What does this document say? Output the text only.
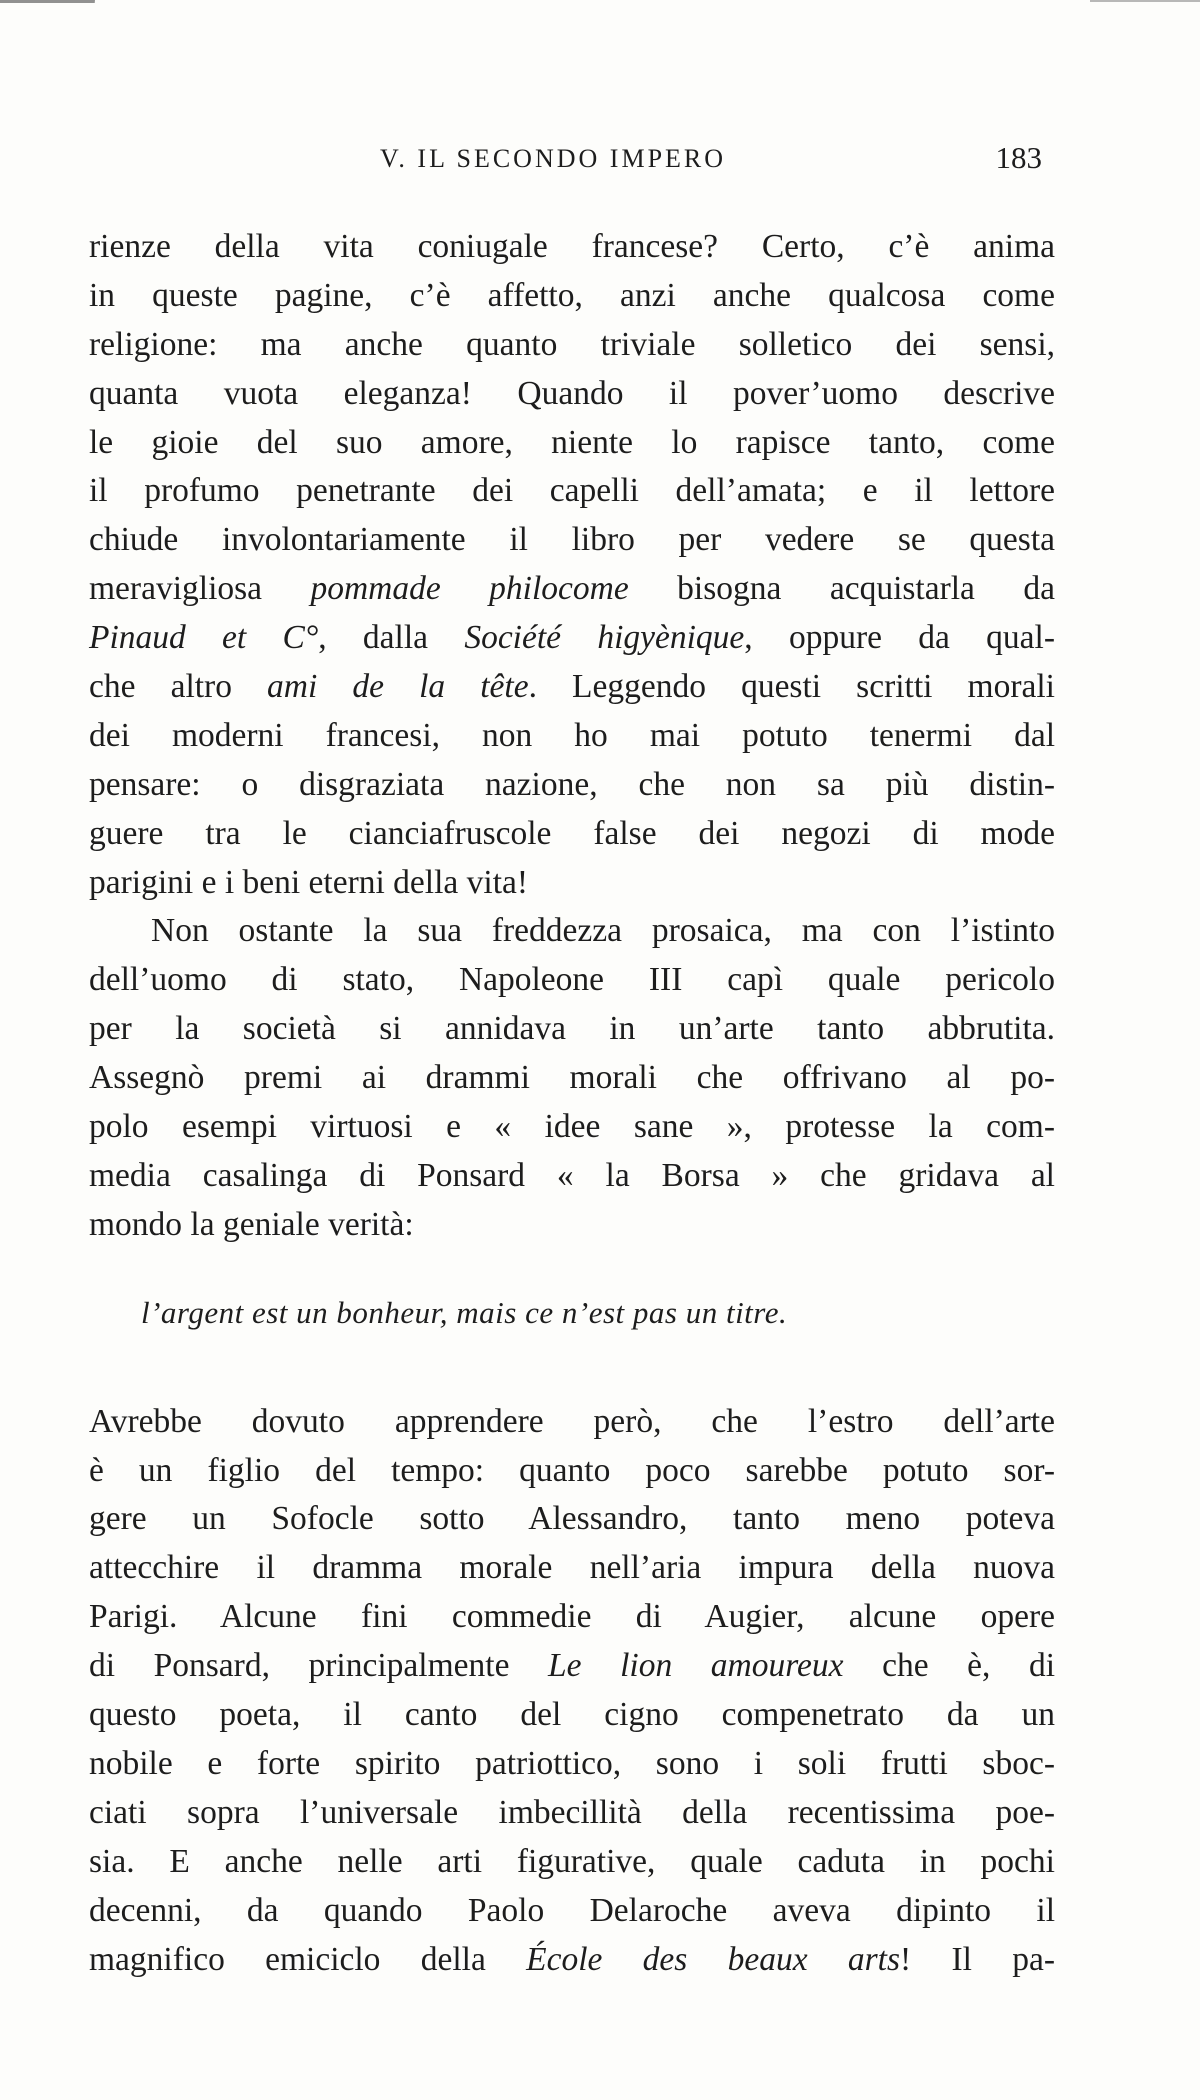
V. IL SECONDO IMPERO	183
rienze della vita coniugale francese? Certo, c’è anima
in queste pagine, c’è affetto, anzi anche qualcosa come
religione: ma anche quanto triviale solletico dei sensi,
quanta vuota eleganza! Quando il pover’uomo descrive
le gioie del suo amore, niente lo rapisce tanto, come
il profumo penetrante dei capelli dell’amata; e il lettore
chiude involontariamente il libro per vedere se questa
meravigliosa pommade philocome bisogna acquistarla da
Pinaud et C°, dalla Société higyènique, oppure da qual-
che altro ami de la tête. Leggendo questi scritti morali
dei moderni francesi, non ho mai potuto tenermi dal
pensare: o disgraziata nazione, che non sa più distin-
guere tra le cianciafruscole false dei negozi di mode
parigini e i beni eterni della vita!
Non ostante la sua freddezza prosaica, ma con l’istinto
dell’uomo di stato, Napoleone III capì quale pericolo
per la società si annidava in un’arte tanto abbrutita.
Assegnò premi ai drammi morali che offrivano al po-
polo esempi virtuosi e « idee sane », protesse la com-
media casalinga di Ponsard « la Borsa » che gridava al
mondo la geniale verità:
l’argent est un bonheur, mais ce n’est pas un titre.
Avrebbe dovuto apprendere però, che l’estro dell’arte
è un figlio del tempo: quanto poco sarebbe potuto sor-
gere un Sofocle sotto Alessandro, tanto meno poteva
attecchire il dramma morale nell’aria impura della nuova
Parigi. Alcune fini commedie di Augier, alcune opere
di Ponsard, principalmente Le lion amoureux che è, di
questo poeta, il canto del cigno compenetrato da un
nobile e forte spirito patriottico, sono i soli frutti sboc-
ciati sopra l’universale imbecillità della recentissima poe-
sia. E anche nelle arti figurative, quale caduta in pochi
decenni, da quando Paolo Delaroche aveva dipinto il
magnifico emiciclo della École des beaux arts! Il pa-
